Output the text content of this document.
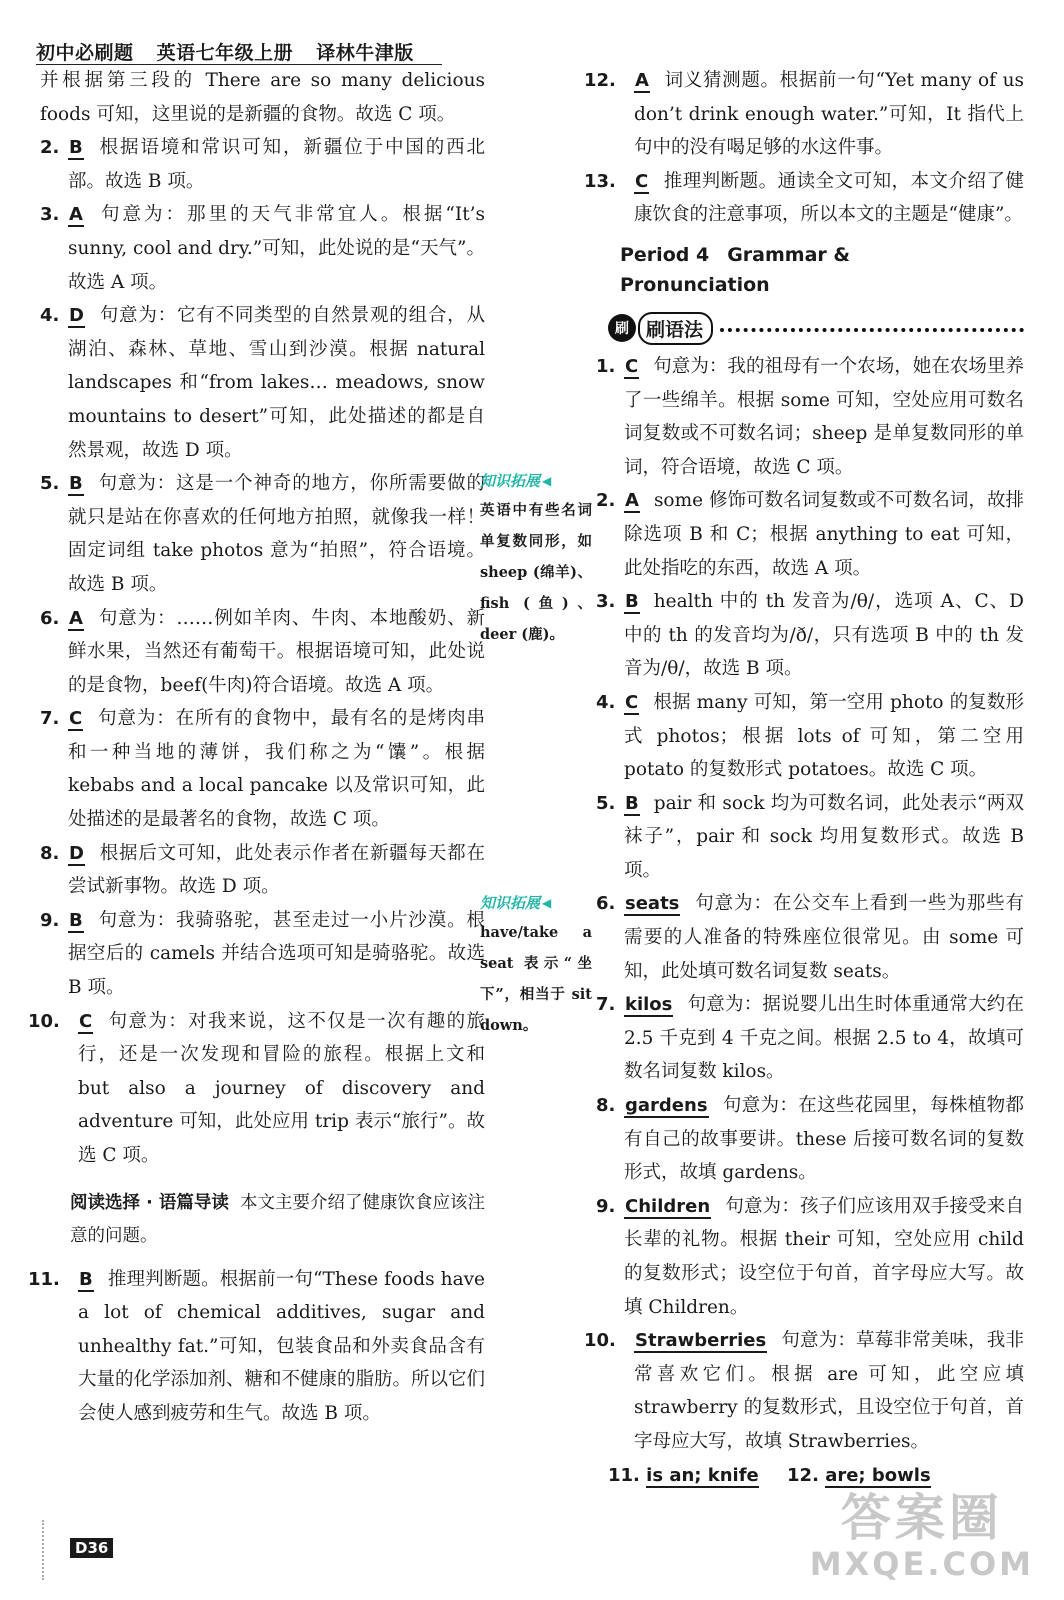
初中必刷题 英语七年级上册 译林牛津版

并根据第三段的 There are so many delicious foods 可知，这里说的是新疆的食物。故选 C 项。

2. B 根据语境和常识可知，新疆位于中国的西北部。故选 B 项。

3. A 句意为：那里的天气非常宜人。根据“It’s sunny, cool and dry.”可知，此处说的是“天气”。故选 A 项。

4. D 句意为：它有不同类型的自然景观的组合，从湖泊、森林、草地、雪山到沙漠。根据 natural landscapes 和“from lakes… meadows, snow mountains to desert”可知，此处描述的都是自然景观，故选 D 项。

5. B 句意为：这是一个神奇的地方，你所需要做的就只是站在你喜欢的任何地方拍照，就像我一样！固定词组 take photos 意为“拍照”，符合语境。故选 B 项。

6. A 句意为：……例如羊肉、牛肉、本地酸奶、新鲜水果，当然还有葡萄干。根据语境可知，此处说的是食物，beef(牛肉)符合语境。故选 A 项。

7. C 句意为：在所有的食物中，最有名的是烤肉串和一种当地的薄饼，我们称之为“馕”。根据 kebabs and a local pancake 以及常识可知，此处描述的是最著名的食物，故选 C 项。

8. D 根据后文可知，此处表示作者在新疆每天都在尝试新事物。故选 D 项。

9. B 句意为：我骑骆驼，甚至走过一小片沙漠。根据空后的 camels 并结合选项可知是骑骆驼。故选 B 项。

10. C 句意为：对我来说，这不仅是一次有趣的旅行，还是一次发现和冒险的旅程。根据上文和 but also a journey of discovery and adventure 可知，此处应用 trip 表示“旅行”。故选 C 项。

阅读选择 · 语篇导读 本文主要介绍了健康饮食应该注意的问题。

11. B 推理判断题。根据前一句“These foods have a lot of chemical additives, sugar and unhealthy fat.”可知，包装食品和外卖食品含有大量的化学添加剂、糖和不健康的脂肪。所以它们会使人感到疲劳和生气。故选 B 项。

知识拓展 ◀

英语中有些名词单复数同形，如 sheep (绵羊)、fish (鱼)、deer (鹿)。

知识拓展 ◀

have/take a seat 表示“坐下”，相当于 sit down。

12. A 词义猜测题。根据前一句“Yet many of us don’t drink enough water.”可知，It 指代上句中的没有喝足够的水这件事。

13. C 推理判断题。通读全文可知，本文介绍了健康饮食的注意事项，所以本文的主题是“健康”。

Period 4 Grammar & Pronunciation
刷 刷语法

1. C 句意为：我的祖母有一个农场，她在农场里养了一些绵羊。根据 some 可知，空处应用可数名词复数或不可数名词；sheep 是单复数同形的单词，符合语境，故选 C 项。

2. A some 修饰可数名词复数或不可数名词，故排除选项 B 和 C；根据 anything to eat 可知，此处指吃的东西，故选 A 项。

3. B health 中的 th 发音为/θ/，选项 A、C、D 中的 th 的发音均为/ð/，只有选项 B 中的 th 发音为/θ/，故选 B 项。

4. C 根据 many 可知，第一空用 photo 的复数形式 photos；根据 lots of 可知，第二空用 potato 的复数形式 potatoes。故选 C 项。

5. B pair 和 sock 均为可数名词，此处表示“两双袜子”，pair 和 sock 均用复数形式。故选 B 项。

6. seats 句意为：在公交车上看到一些为那些有需要的人准备的特殊座位很常见。由 some 可知，此处填可数名词复数 seats。

7. kilos 句意为：据说婴儿出生时体重通常大约在 2.5 千克到 4 千克之间。根据 2.5 to 4，故填可数名词复数 kilos。

8. gardens 句意为：在这些花园里，每株植物都有自己的故事要讲。these 后接可数名词的复数形式，故填 gardens。

9. Children 句意为：孩子们应该用双手接受来自长辈的礼物。根据 their 可知，空处应用 child 的复数形式；设空位于句首，首字母应大写。故填 Children。

10. Strawberries 句意为：草莓非常美味，我非常喜欢它们。根据 are 可知，此空应填 strawberry 的复数形式，且设空位于句首，首字母应大写，故填 Strawberries。

11. is an; knife 12. are; bowls
D36
答案圈
MXQE.COM
